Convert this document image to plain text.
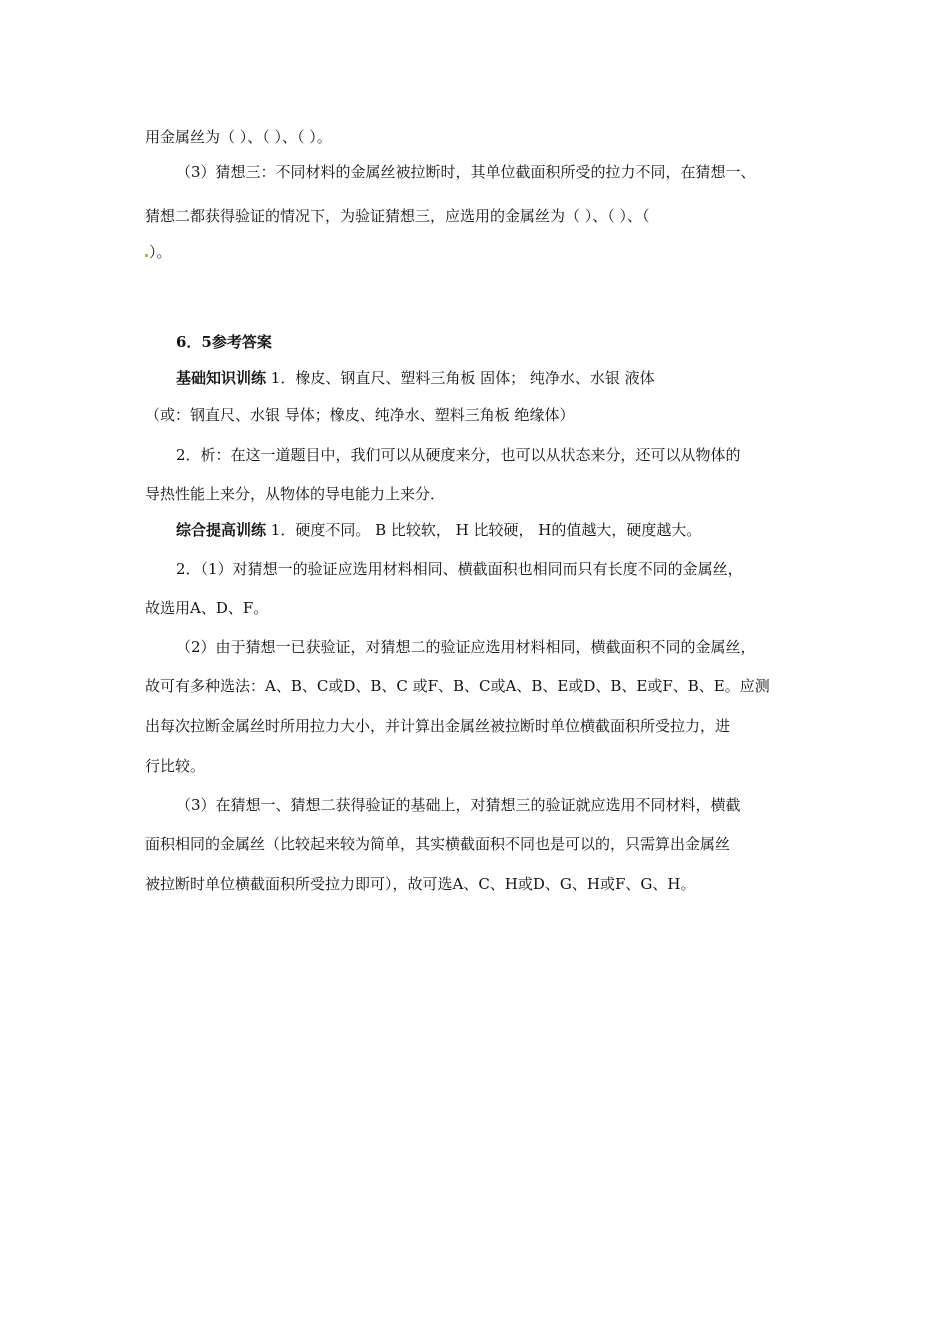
用金属丝为（ ）、（ ）、（ ）。
（3）猜想三：不同材料的金属丝被拉断时，其单位截面积所受的拉力不同，在猜想一、
猜想二都获得验证的情况下，为验证猜想三，应选用的金属丝为（ ）、（ ）、（
）。
6．5参考答案
基础知识训练 1．橡皮、钢直尺、塑料三角板 固体； 纯净水、水银 液体
（或：钢直尺、水银 导体；橡皮、纯净水、塑料三角板 绝缘体）
2．析：在这一道题目中，我们可以从硬度来分，也可以从状态来分，还可以从物体的
导热性能上来分，从物体的导电能力上来分．
综合提高训练 1．硬度不同。 B 比较软， H 比较硬， H的值越大，硬度越大。
2．（1）对猜想一的验证应选用材料相同、横截面积也相同而只有长度不同的金属丝，
故选用A、D、F。
（2）由于猜想一已获验证，对猜想二的验证应选用材料相同，横截面积不同的金属丝，
故可有多种选法：A、B、C或D、B、C 或F、B、C或A、B、E或D、B、E或F、B、E。应测
出每次拉断金属丝时所用拉力大小，并计算出金属丝被拉断时单位横截面积所受拉力，进
行比较。
（3）在猜想一、猜想二获得验证的基础上，对猜想三的验证就应选用不同材料，横截
面积相同的金属丝（比较起来较为简单，其实横截面积不同也是可以的，只需算出金属丝
被拉断时单位横截面积所受拉力即可），故可选A、C、H或D、G、H或F、G、H。
